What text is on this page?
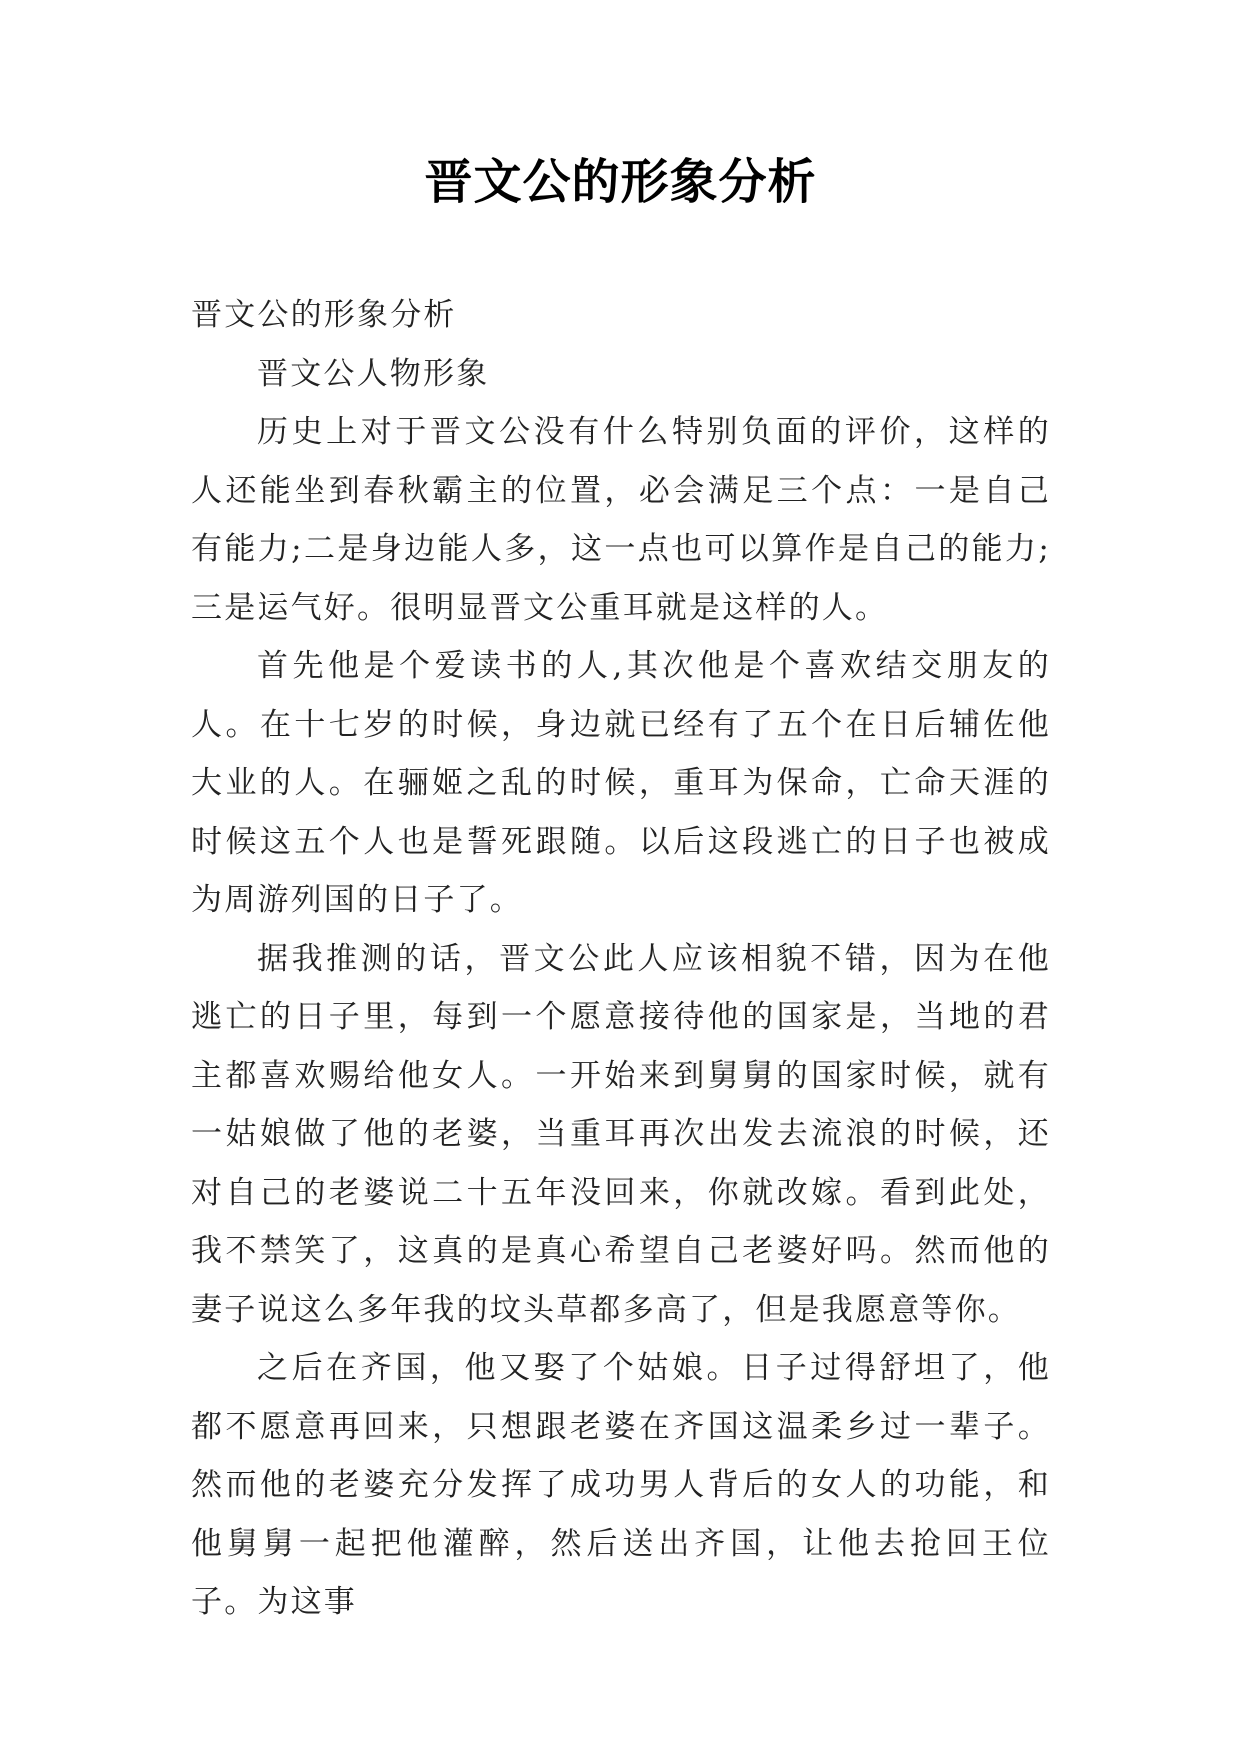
晋文公的形象分析

晋文公的形象分析

晋文公人物形象

历史上对于晋文公没有什么特别负面的评价，这样的人还能坐到春秋霸主的位置，必会满足三个点：一是自己有能力;二是身边能人多，这一点也可以算作是自己的能力;三是运气好。很明显晋文公重耳就是这样的人。

首先他是个爱读书的人,其次他是个喜欢结交朋友的人。在十七岁的时候，身边就已经有了五个在日后辅佐他大业的人。在骊姬之乱的时候，重耳为保命，亡命天涯的时候这五个人也是誓死跟随。以后这段逃亡的日子也被成为周游列国的日子了。

据我推测的话，晋文公此人应该相貌不错，因为在他逃亡的日子里，每到一个愿意接待他的国家是，当地的君主都喜欢赐给他女人。一开始来到舅舅的国家时候，就有一姑娘做了他的老婆，当重耳再次出发去流浪的时候，还对自己的老婆说二十五年没回来，你就改嫁。看到此处，我不禁笑了，这真的是真心希望自己老婆好吗。然而他的妻子说这么多年我的坟头草都多高了，但是我愿意等你。

之后在齐国，他又娶了个姑娘。日子过得舒坦了，他都不愿意再回来，只想跟老婆在齐国这温柔乡过一辈子。然而他的老婆充分发挥了成功男人背后的女人的功能，和他舅舅一起把他灌醉，然后送出齐国，让他去抢回王位子。为这事
